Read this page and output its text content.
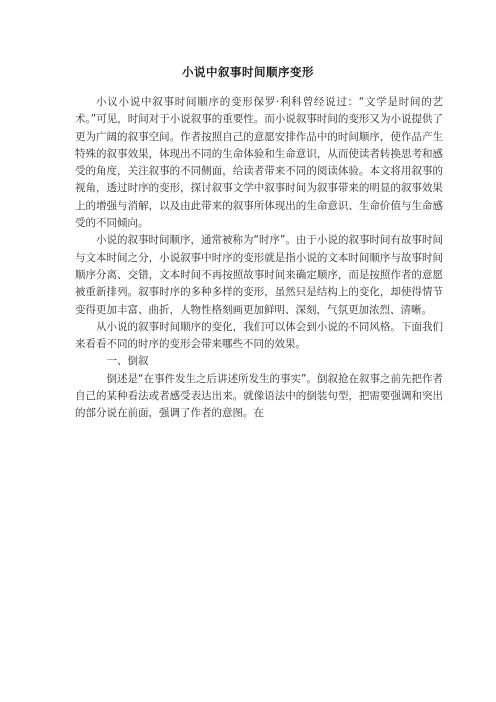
小说中叙事时间顺序变形

小议小说中叙事时间顺序的变形保罗·利科曾经说过：“文学是时间的艺术。”可见，时间对于小说叙事的重要性。而小说叙事时间的变形又为小说提供了更为广阔的叙事空间。作者按照自己的意愿安排作品中的时间顺序，使作品产生特殊的叙事效果，体现出不同的生命体验和生命意识，从而使读者转换思考和感受的角度，关注叙事的不同侧面，给读者带来不同的阅读体验。本文将用叙事的视角，透过时序的变形，探讨叙事文学中叙事时间为叙事带来的明显的叙事效果上的增强与消解，以及由此带来的叙事所体现出的生命意识、生命价值与生命感受的不同倾向。

小说的叙事时间顺序，通常被称为“时序”。由于小说的叙事时间有故事时间与文本时间之分，小说叙事中时序的变形就是指小说的文本时间顺序与故事时间顺序分离、交错，文本时间不再按照故事时间来确定顺序，而是按照作者的意愿被重新排列。叙事时序的多种多样的变形，虽然只是结构上的变化，却使得情节变得更加丰富、曲折，人物性格刻画更加鲜明、深刻，气氛更加浓烈、清晰。

从小说的叙事时间顺序的变化，我们可以体会到小说的不同风格。下面我们来看看不同的时序的变形会带来哪些不同的效果。

一、倒叙

倒述是“在事件发生之后讲述所发生的事实”。倒叙抢在叙事之前先把作者自己的某种看法或者感受表达出来。就像语法中的倒装句型，把需要强调和突出的部分说在前面，强调了作者的意图。在
